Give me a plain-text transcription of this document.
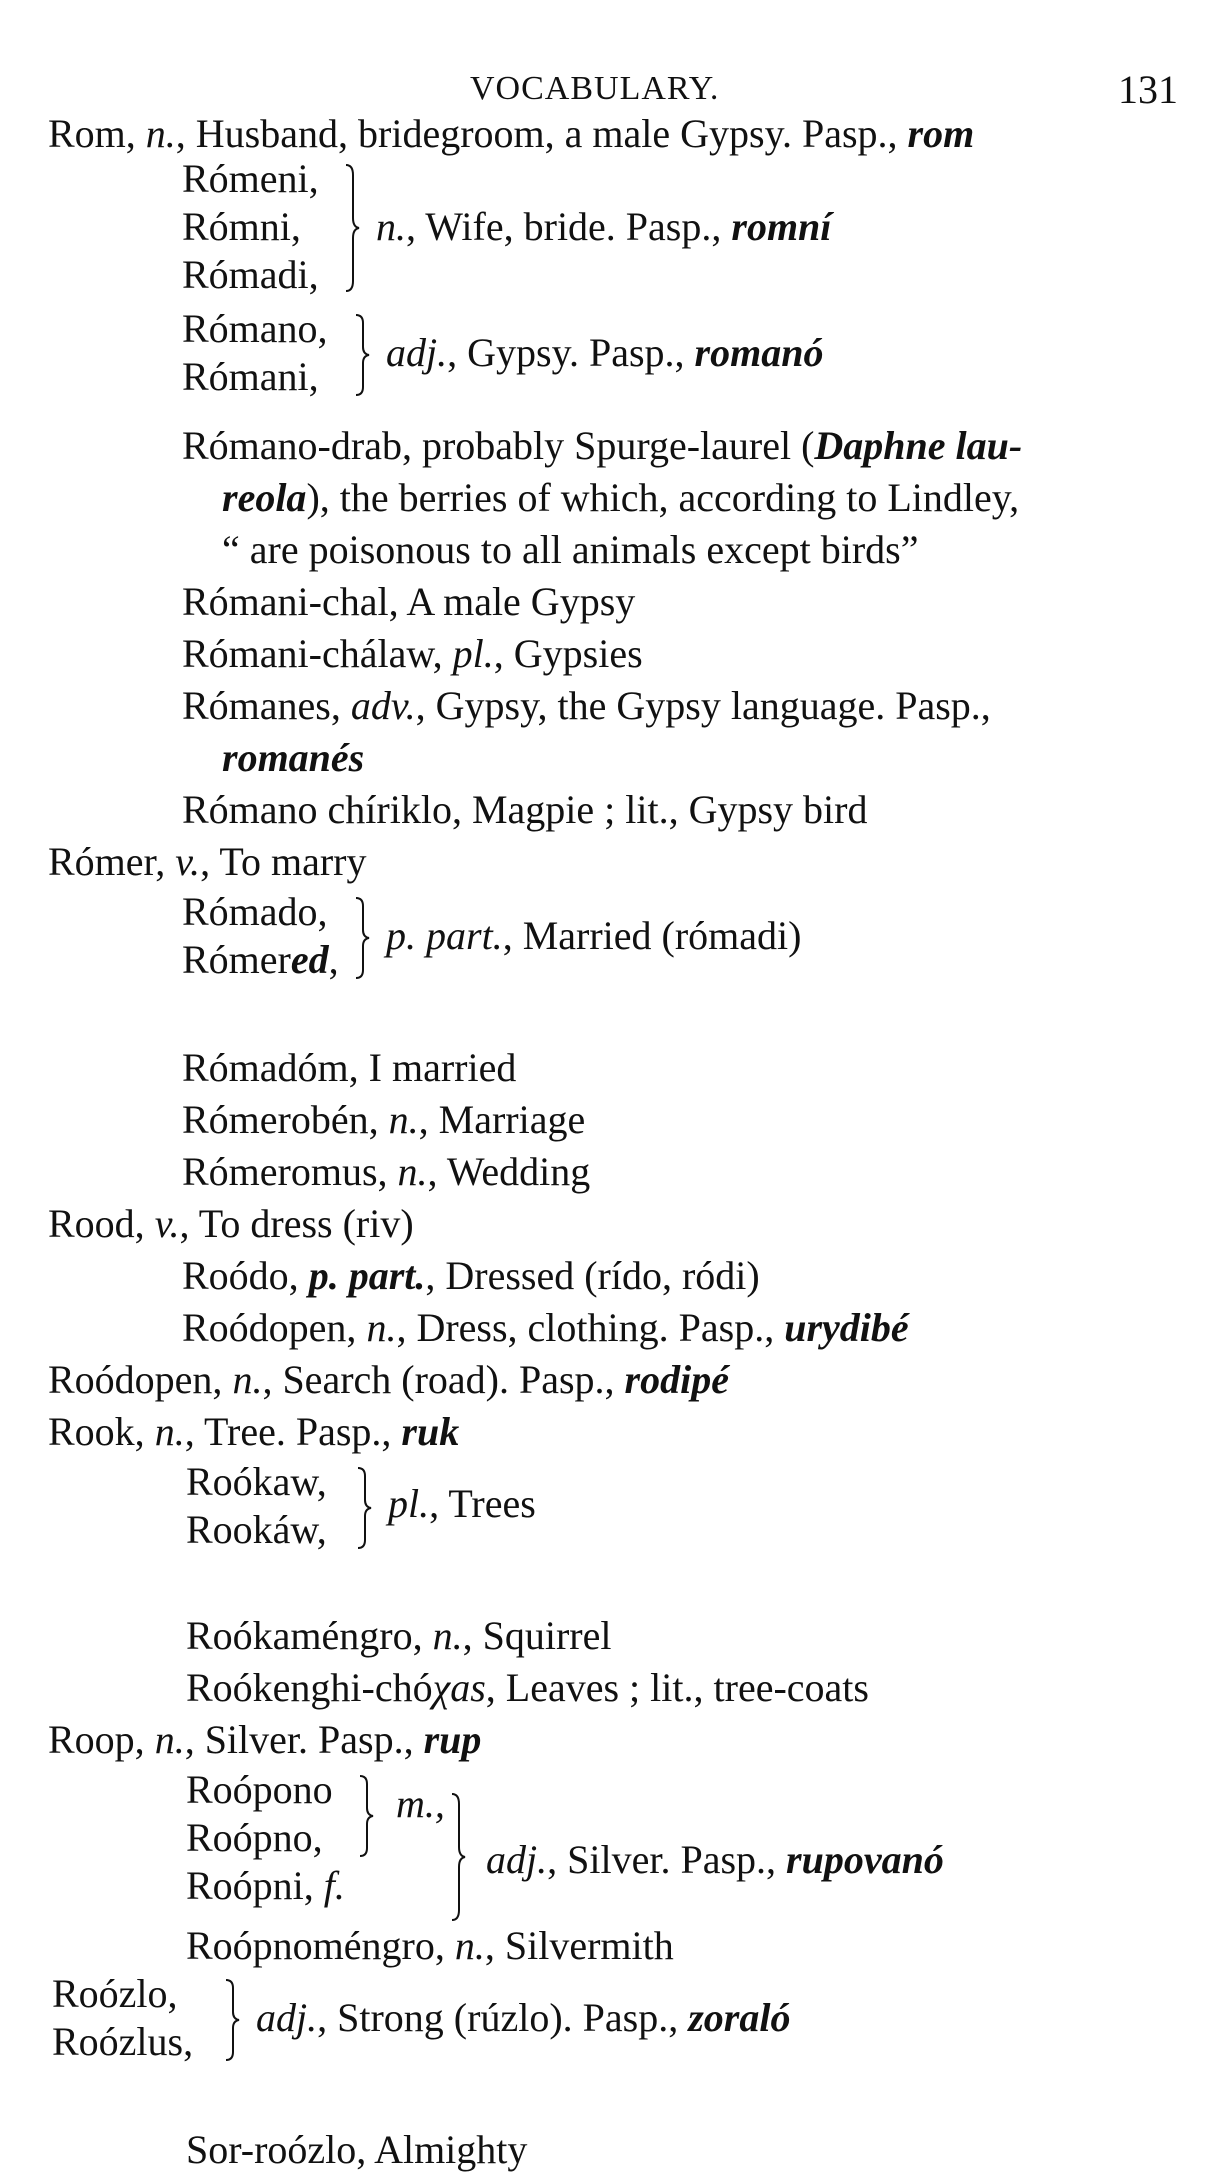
VOCABULARY.	131
Rom, n., Husband, bridegroom, a male Gypsy. Pasp., rom
Rómeni,
Rómni,
Rómadi,
n., Wife, bride. Pasp., romní
Rómano,
Rómani,
adj., Gypsy. Pasp., romanó
Rómano-drab, probably Spurge-laurel (Daphne lau-
reola), the berries of which, according to Lindley,
“ are poisonous to all animals except birds”
Rómani-chal, A male Gypsy
Rómani-chálaw, pl., Gypsies
Rómanes, adv., Gypsy, the Gypsy language. Pasp.,
romanés
Rómano chíriklo, Magpie ; lit., Gypsy bird
Rómer, v., To marry
Rómado,
Rómered,
p. part., Married (rómadi)
Rómadóm, I married
Rómerobén, n., Marriage
Rómeromus, n., Wedding
Rood, v., To dress (riv)
Roódo, p. part., Dressed (rído, ródi)
Roódopen, n., Dress, clothing. Pasp., urydibé
Roódopen, n., Search (road). Pasp., rodipé
Rook, n., Tree. Pasp., ruk
Roókaw,
Rookáw,
pl., Trees
Roókaméngro, n., Squirrel
Roókenghi-chóχas, Leaves ; lit., tree-coats
Roop, n., Silver. Pasp., rup
Roópono
Roópno,
Roópni, f.
m.,
adj., Silver. Pasp., rupovanó
Roópnoméngro, n., Silvermith
Roózlo,
Roózlus,
adj., Strong (rúzlo). Pasp., zoraló
Sor-roózlo, Almighty
